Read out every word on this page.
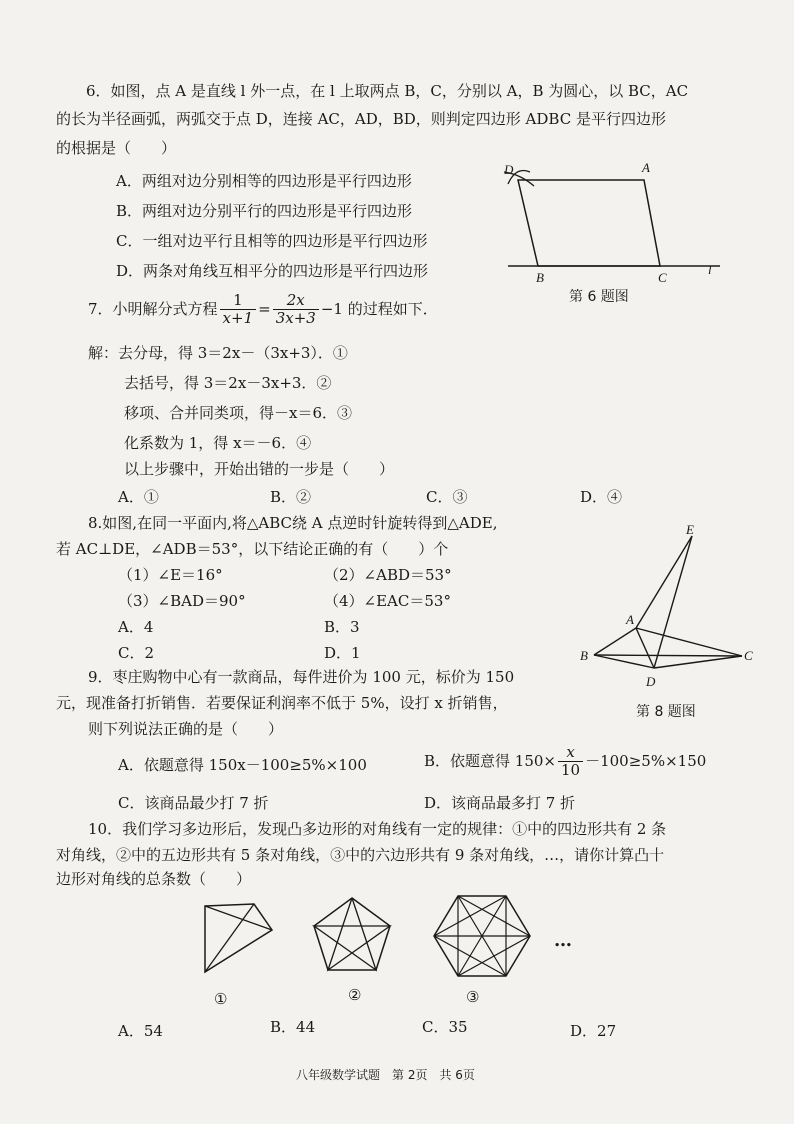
6．如图，点 A 是直线 l 外一点，在 l 上取两点 B，C，分别以 A，B 为圆心，以 BC，AC
的长为半径画弧，两弧交于点 D，连接 AC，AD，BD，则判定四边形 ADBC 是平行四边形
的根据是（　　）
A．两组对边分别相等的四边形是平行四边形
B．两组对边分别平行的四边形是平行四边形
C．一组对边平行且相等的四边形是平行四边形
D．两条对角线互相平分的四边形是平行四边形
D	A
B	C
l
第 6 题图
7．小明解分式方程 $\frac{1}{x+1} = \frac{2x}{3x+3} -1$ 的过程如下．
解：去分母，得 3＝2x－（3x+3）．①
去括号，得 3＝2x－3x+3．②
移项、合并同类项，得－x＝6．③
化系数为 1，得 x＝－6．④
以上步骤中，开始出错的一步是（　　）
A．①	B．②	C．③	D．④
8.如图,在同一平面内,将△ABC绕 A 点逆时针旋转得到△ADE,
若 AC⊥DE，∠ADB＝53°，以下结论正确的有（　　）个
（1）∠E＝16°	（2）∠ABD＝53°
（3）∠BAD＝90°	（4）∠EAC＝53°
A．4	B．3
C．2	D．1
E
A
B	C
D
第 8 题图
9．枣庄购物中心有一款商品，每件进价为 100 元，标价为 150
元，现准备打折销售．若要保证利润率不低于 5%，设打 x 折销售，
则下列说法正确的是（　　）
A．依题意得 150x－100≥5%×100	B．依题意得 $150\times \frac{x}{10} -100\ge 5\%\times 150$
C．该商品最少打 7 折	D．该商品最多打 7 折
10．我们学习多边形后，发现凸多边形的对角线有一定的规律：①中的四边形共有 2 条
对角线，②中的五边形共有 5 条对角线，③中的六边形共有 9 条对角线，…，请你计算凸十
边形对角线的总条数（　　）
…
①	②	③
A．54	B．44	C．35	D．27
八年级数学试题　第 2页　共 6页
